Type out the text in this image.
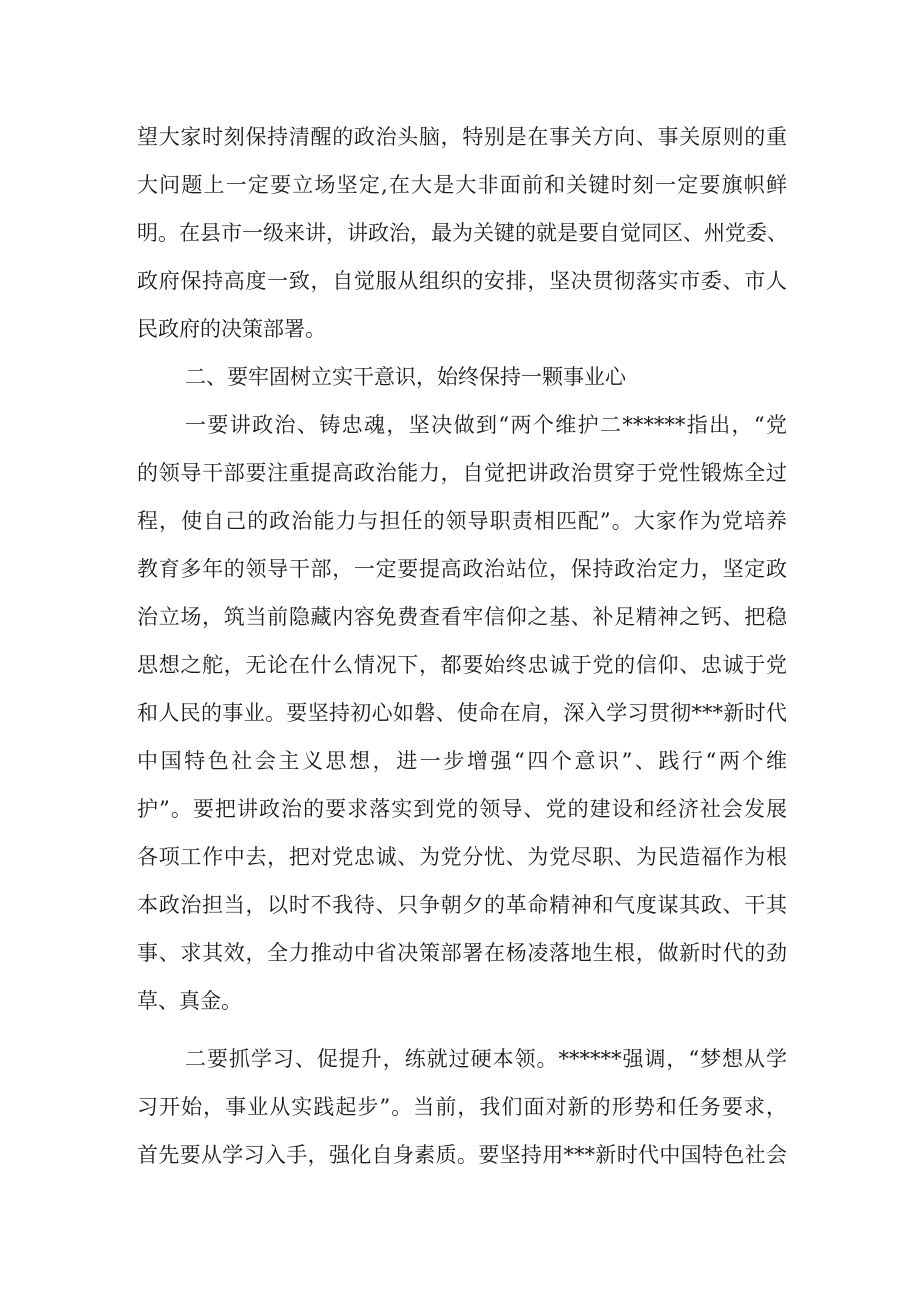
望大家时刻保持清醒的政治头脑，特别是在事关方向、事关原则的重

大问题上一定要立场坚定,在大是大非面前和关键时刻一定要旗帜鲜

明。在县市一级来讲，讲政治，最为关键的就是要自觉同区、州党委、

政府保持高度一致，自觉服从组织的安排，坚决贯彻落实市委、市人

民政府的决策部署。

二、要牢固树立实干意识，始终保持一颗事业心

一要讲政治、铸忠魂，坚决做到“两个维护二******指出，“党

的领导干部要注重提高政治能力，自觉把讲政治贯穿于党性锻炼全过

程，使自己的政治能力与担任的领导职责相匹配”。大家作为党培养

教育多年的领导干部，一定要提高政治站位，保持政治定力，坚定政

治立场，筑当前隐藏内容免费查看牢信仰之基、补足精神之钙、把稳

思想之舵，无论在什么情况下，都要始终忠诚于党的信仰、忠诚于党

和人民的事业。要坚持初心如磐、使命在肩，深入学习贯彻***新时代

中国特色社会主义思想，进一步增强“四个意识”、践行“两个维

护”。要把讲政治的要求落实到党的领导、党的建设和经济社会发展

各项工作中去，把对党忠诚、为党分忧、为党尽职、为民造福作为根

本政治担当，以时不我待、只争朝夕的革命精神和气度谋其政、干其

事、求其效，全力推动中省决策部署在杨凌落地生根，做新时代的劲

草、真金。

二要抓学习、促提升，练就过硬本领。******强调，“梦想从学

习开始，事业从实践起步”。当前，我们面对新的形势和任务要求，

首先要从学习入手，强化自身素质。要坚持用***新时代中国特色社会
